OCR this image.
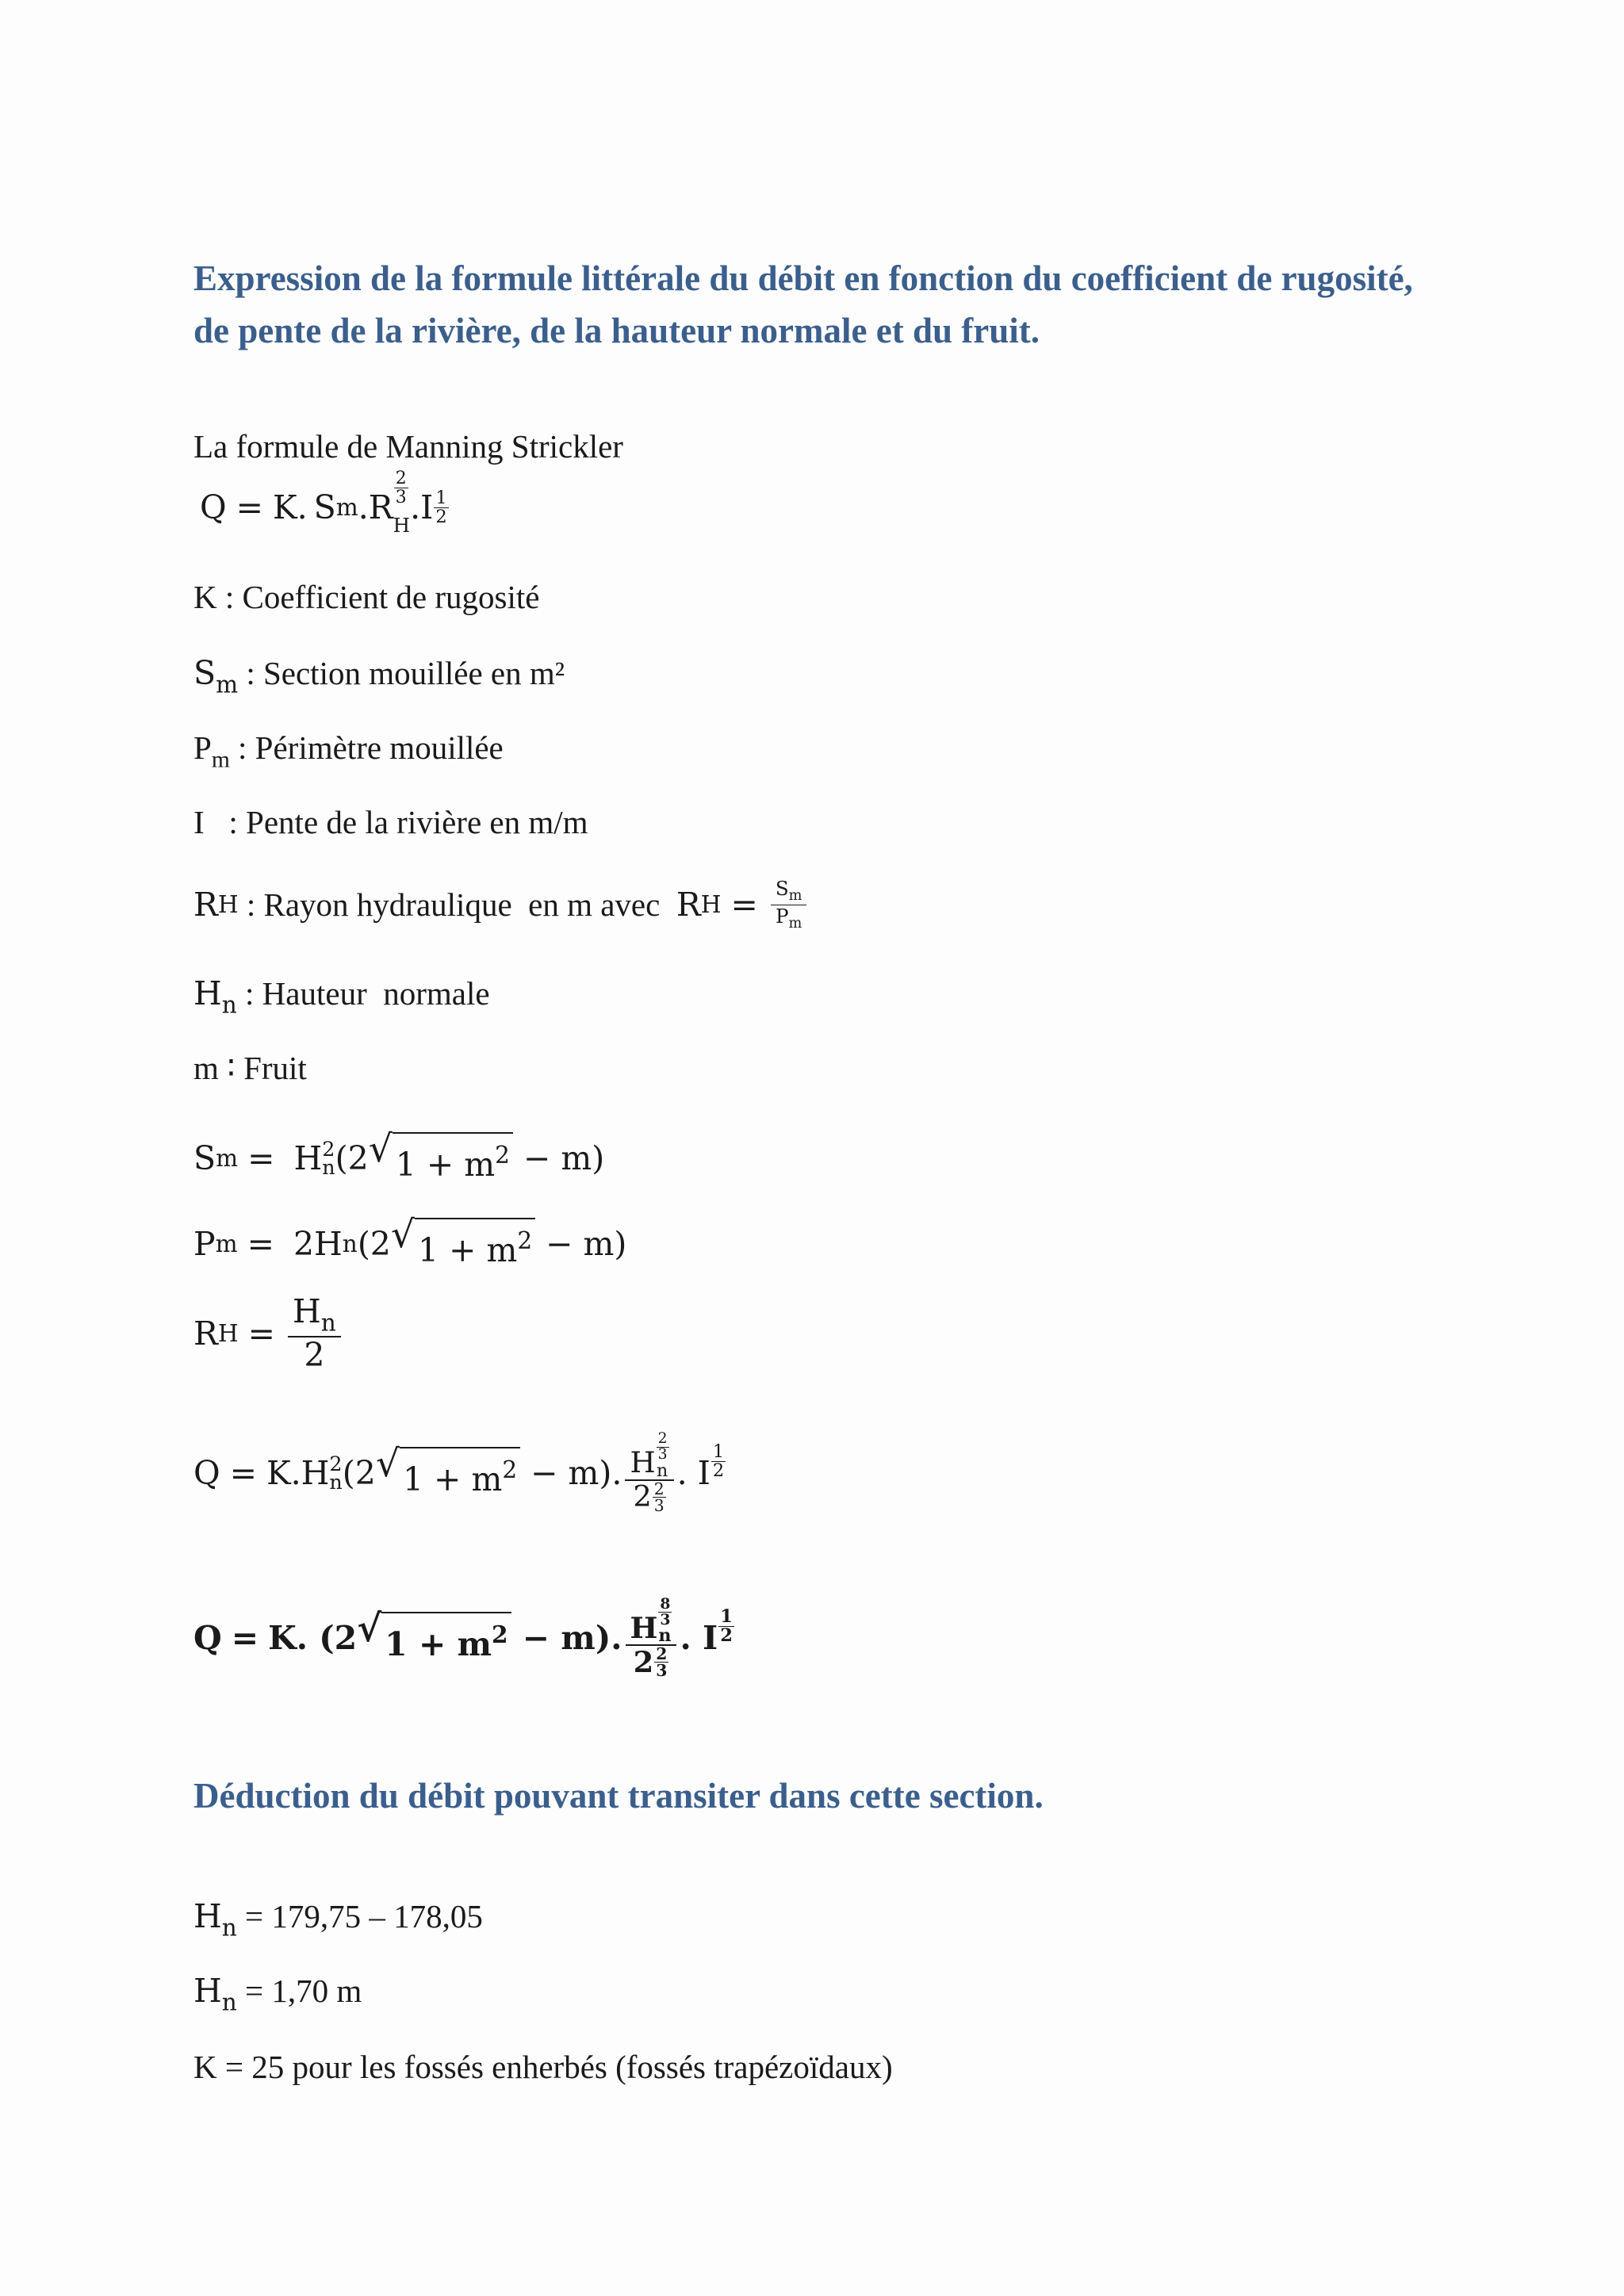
Expression de la formule littérale du débit en fonction du coefficient de rugosité, de pente de la rivière, de la hauteur normale et du fruit.
La formule de Manning Strickler
Q = K. S m . R
$\frac{2}{3}$
H . I $\frac{1}{2}$
K : Coefficient de rugosité
$S_m$ : Section mouillée en m²
$P_m$ : Périmètre mouillée
I   : Pente de la rivière en m/m
R H : Rayon hydraulique  en m avec R $H = \frac{S_m}{P_m}$
$H_n$ : Hauteur  normale
m ∶ Fruit
S m = H 2
n (2 √ $1 + m^2 - m$)
P m = 2H n (2 √ $1 + m^2 - m$)
R $H = \frac{H_n}{2}$
Q = K. H 2
n (2 √ $1 + m^2 - m$). H $\frac{2}{3}$
n
$2 \frac{2}{3}$
. I $\frac{1}{2}$
Q = K. (2 √ $1 + m^2 - m$). H $\frac{8}{3}$
n
$2 \frac{2}{3}$
. I $\frac{1}{2}$
Déduction du débit pouvant transiter dans cette section.
$H_n = 179,75 - 178,05$
$H_n = 1,70$ m
K = 25 pour les fossés enherbés (fossés trapézoïdaux)
